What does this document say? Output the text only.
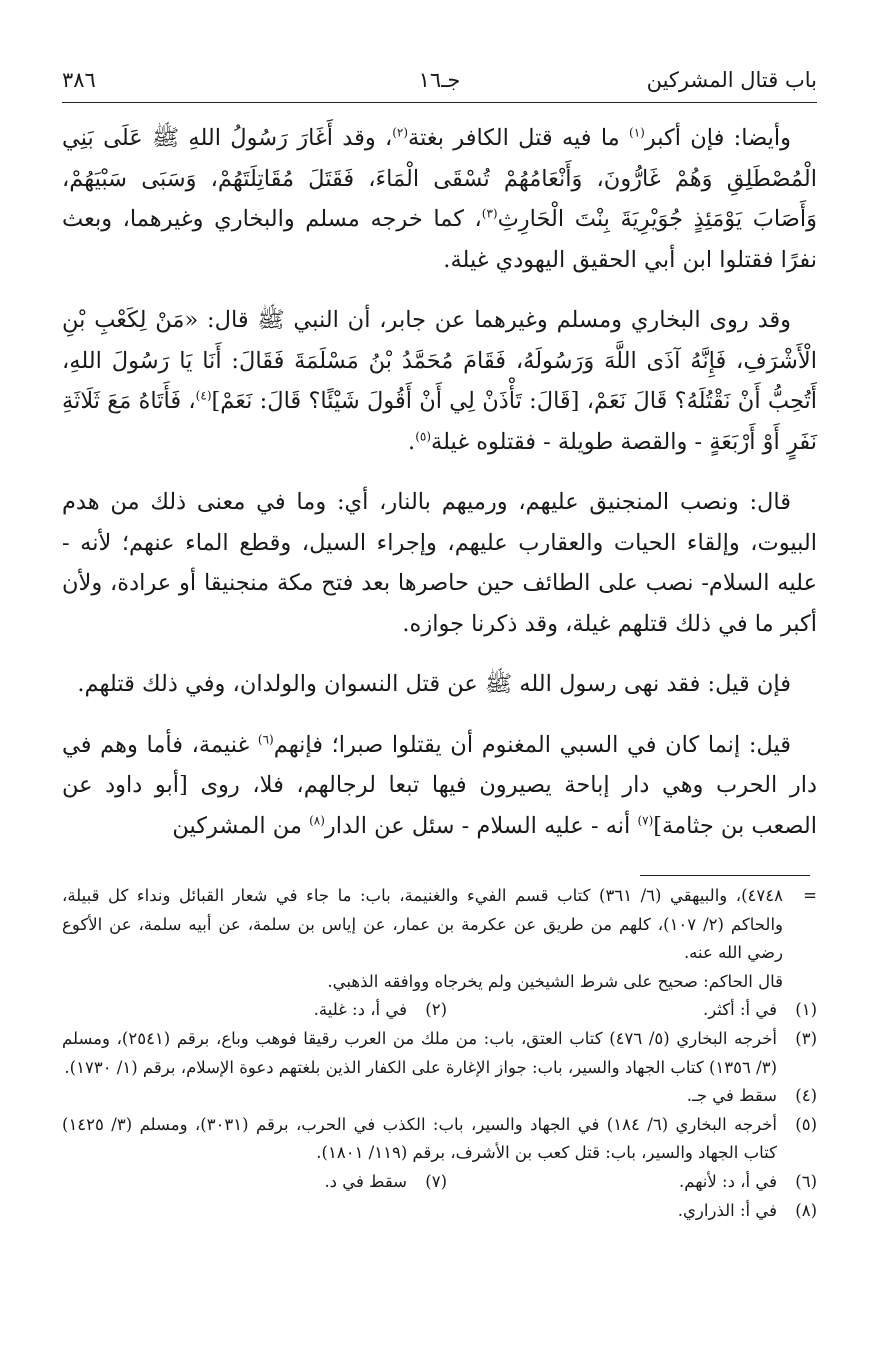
باب قتال المشركين
جـ١٦
٣٨٦

وأيضا: فإن أكبر$^{(١)}$ ما فيه قتل الكافر بغتة$^{(٢)}$، وقد أَغَارَ رَسُولُ اللهِ ﷺ عَلَى بَنِي الْمُصْطَلِقِ وَهُمْ غَارُّونَ، وَأَنْعَامُهُمْ تُسْقَى الْمَاءَ، فَقَتَلَ مُقَاتِلَتَهُمْ، وَسَبَى سَبْيَهُمْ، وَأَصَابَ يَوْمَئِذٍ جُوَيْرِيَةَ بِنْتَ الْحَارِثِ$^{(٣)}$، كما خرجه مسلم والبخاري وغيرهما، وبعث نفرًا فقتلوا ابن أبي الحقيق اليهودي غيلة.

وقد روى البخاري ومسلم وغيرهما عن جابر، أن النبي ﷺ قال: «مَنْ لِكَعْبِ بْنِ الْأَشْرَفِ، فَإِنَّهُ آذَى اللَّهَ وَرَسُولَهُ، فَقَامَ مُحَمَّدُ بْنُ مَسْلَمَةَ فَقَالَ: أَنَا يَا رَسُولَ اللهِ، أَتُحِبُّ أَنْ نَقْتُلَهُ؟ قَالَ نَعَمْ، [قَالَ: تَأْذَنْ لِي أَنْ أَقُولَ شَيْئًا؟ قَالَ: نَعَمْ]$^{(٤)}$، فَأَتَاهُ مَعَ ثَلَاثَةِ نَفَرٍ أَوْ أَرْبَعَةٍ - والقصة طويلة - فقتلوه غيلة$^{(٥)}$.

قال: ونصب المنجنيق عليهم، ورميهم بالنار، أي: وما في معنى ذلك من هدم البيوت، وإلقاء الحيات والعقارب عليهم، وإجراء السيل، وقطع الماء عنهم؛ لأنه - عليه السلام- نصب على الطائف حين حاصرها بعد فتح مكة منجنيقا أو عرادة، ولأن أكبر ما في ذلك قتلهم غيلة، وقد ذكرنا جوازه.

فإن قيل: فقد نهى رسول الله ﷺ عن قتل النسوان والولدان، وفي ذلك قتلهم.

قيل: إنما كان في السبي المغنوم أن يقتلوا صبرا؛ فإنهم$^{(٦)}$ غنيمة، فأما وهم في دار الحرب وهي دار إباحة يصيرون فيها تبعا لرجالهم، فلا، روى [أبو داود عن الصعب بن جثامة]$^{(٧)}$ أنه - عليه السلام - سئل عن الدار$^{(٨)}$ من المشركين

=

٤٧٤٨)، والبيهقي (٦/ ٣٦١) كتاب قسم الفيء والغنيمة، باب: ما جاء في شعار القبائل ونداء كل قبيلة، والحاكم (٢/ ١٠٧)، كلهم من طريق عن عكرمة بن عمار، عن إياس بن سلمة، عن أبيه سلمة، عن الأكوع رضي الله عنه.

قال الحاكم: صحيح على شرط الشيخين ولم يخرجاه ووافقه الذهبي.

(١)
في أ: أكثر.
(٢)
في أ، د: غلية.
(٣)
أخرجه البخاري (٥/ ٤٧٦) كتاب العتق، باب: من ملك من العرب رقيقا فوهب وباع، برقم (٢٥٤١)، ومسلم (٣/ ١٣٥٦) كتاب الجهاد والسير، باب: جواز الإغارة على الكفار الذين بلغتهم دعوة الإسلام، برقم (١/ ١٧٣٠).
(٤)
سقط في جـ.
(٥)
أخرجه البخاري (٦/ ١٨٤) في الجهاد والسير، باب: الكذب في الحرب، برقم (٣٠٣١)، ومسلم (٣/ ١٤٢٥) كتاب الجهاد والسير، باب: قتل كعب بن الأشرف، برقم (١١٩/ ١٨٠١).
(٦)
في أ، د: لأنهم.
(٧)
سقط في د.
(٨)
في أ: الذراري.
